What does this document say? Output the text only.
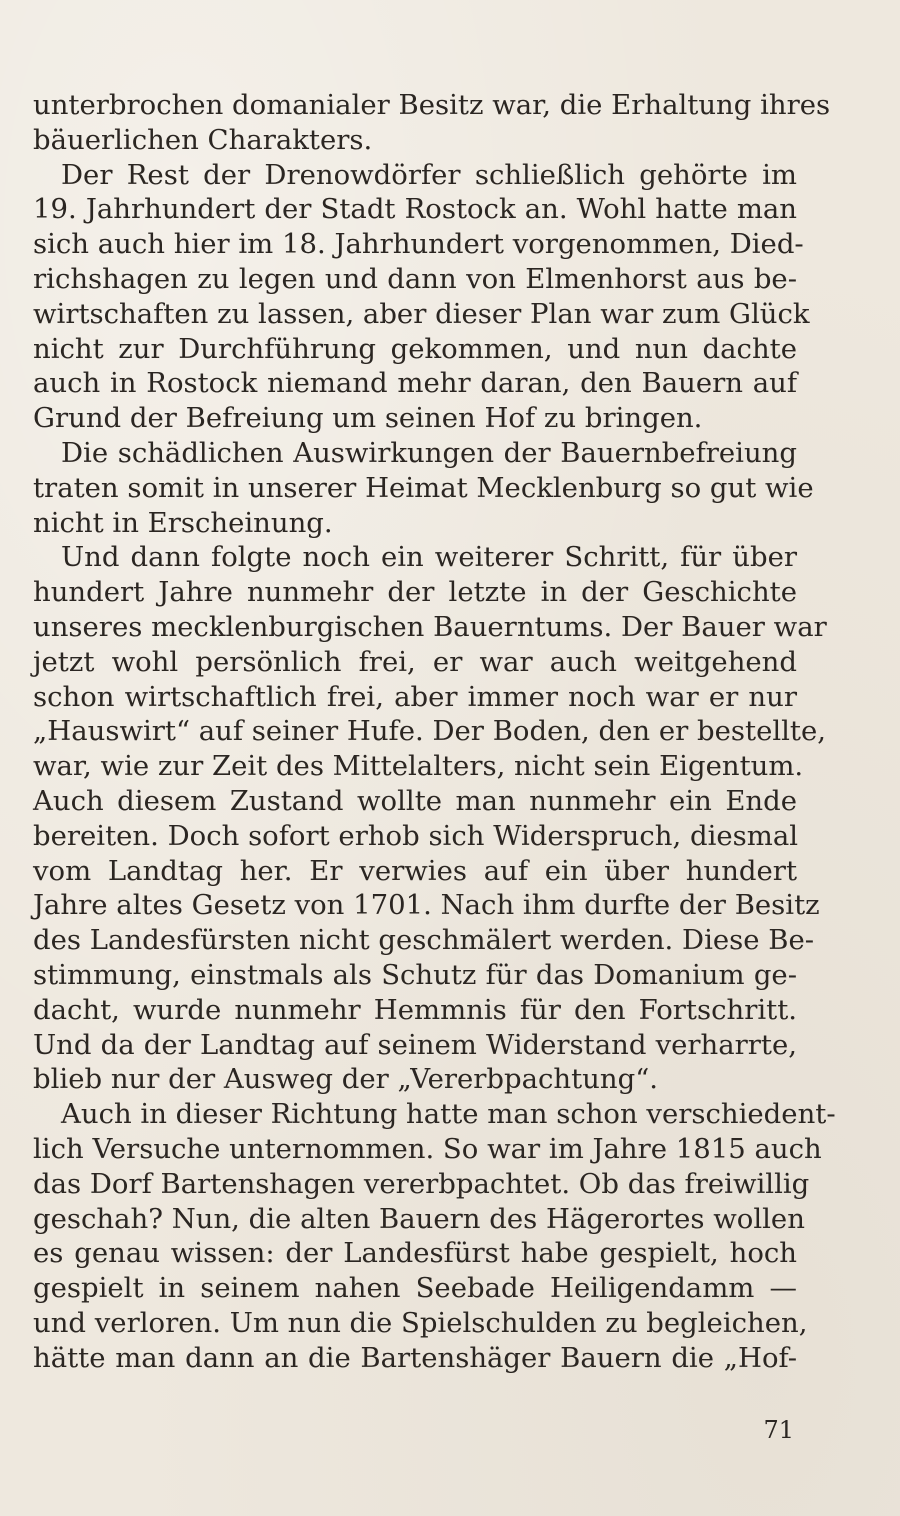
unterbrochen domanialer Besitz war, die Erhaltung ihres
bäuerlichen Charakters.
Der Rest der Drenowdörfer schließlich gehörte im
19. Jahrhundert der Stadt Rostock an. Wohl hatte man
sich auch hier im 18. Jahrhundert vorgenommen, Died-
richshagen zu legen und dann von Elmenhorst aus be-
wirtschaften zu lassen, aber dieser Plan war zum Glück
nicht zur Durchführung gekommen, und nun dachte
auch in Rostock niemand mehr daran, den Bauern auf
Grund der Befreiung um seinen Hof zu bringen.
Die schädlichen Auswirkungen der Bauernbefreiung
traten somit in unserer Heimat Mecklenburg so gut wie
nicht in Erscheinung.
Und dann folgte noch ein weiterer Schritt, für über
hundert Jahre nunmehr der letzte in der Geschichte
unseres mecklenburgischen Bauerntums. Der Bauer war
jetzt wohl persönlich frei, er war auch weitgehend
schon wirtschaftlich frei, aber immer noch war er nur
„Hauswirt“ auf seiner Hufe. Der Boden, den er bestellte,
war, wie zur Zeit des Mittelalters, nicht sein Eigentum.
Auch diesem Zustand wollte man nunmehr ein Ende
bereiten. Doch sofort erhob sich Widerspruch, diesmal
vom Landtag her. Er verwies auf ein über hundert
Jahre altes Gesetz von 1701. Nach ihm durfte der Besitz
des Landesfürsten nicht geschmälert werden. Diese Be-
stimmung, einstmals als Schutz für das Domanium ge-
dacht, wurde nunmehr Hemmnis für den Fortschritt.
Und da der Landtag auf seinem Widerstand verharrte,
blieb nur der Ausweg der „Vererbpachtung“.
Auch in dieser Richtung hatte man schon verschiedent-
lich Versuche unternommen. So war im Jahre 1815 auch
das Dorf Bartenshagen vererbpachtet. Ob das freiwillig
geschah? Nun, die alten Bauern des Hägerortes wollen
es genau wissen: der Landesfürst habe gespielt, hoch
gespielt in seinem nahen Seebade Heiligendamm —
und verloren. Um nun die Spielschulden zu begleichen,
hätte man dann an die Bartenshäger Bauern die „Hof-
71
